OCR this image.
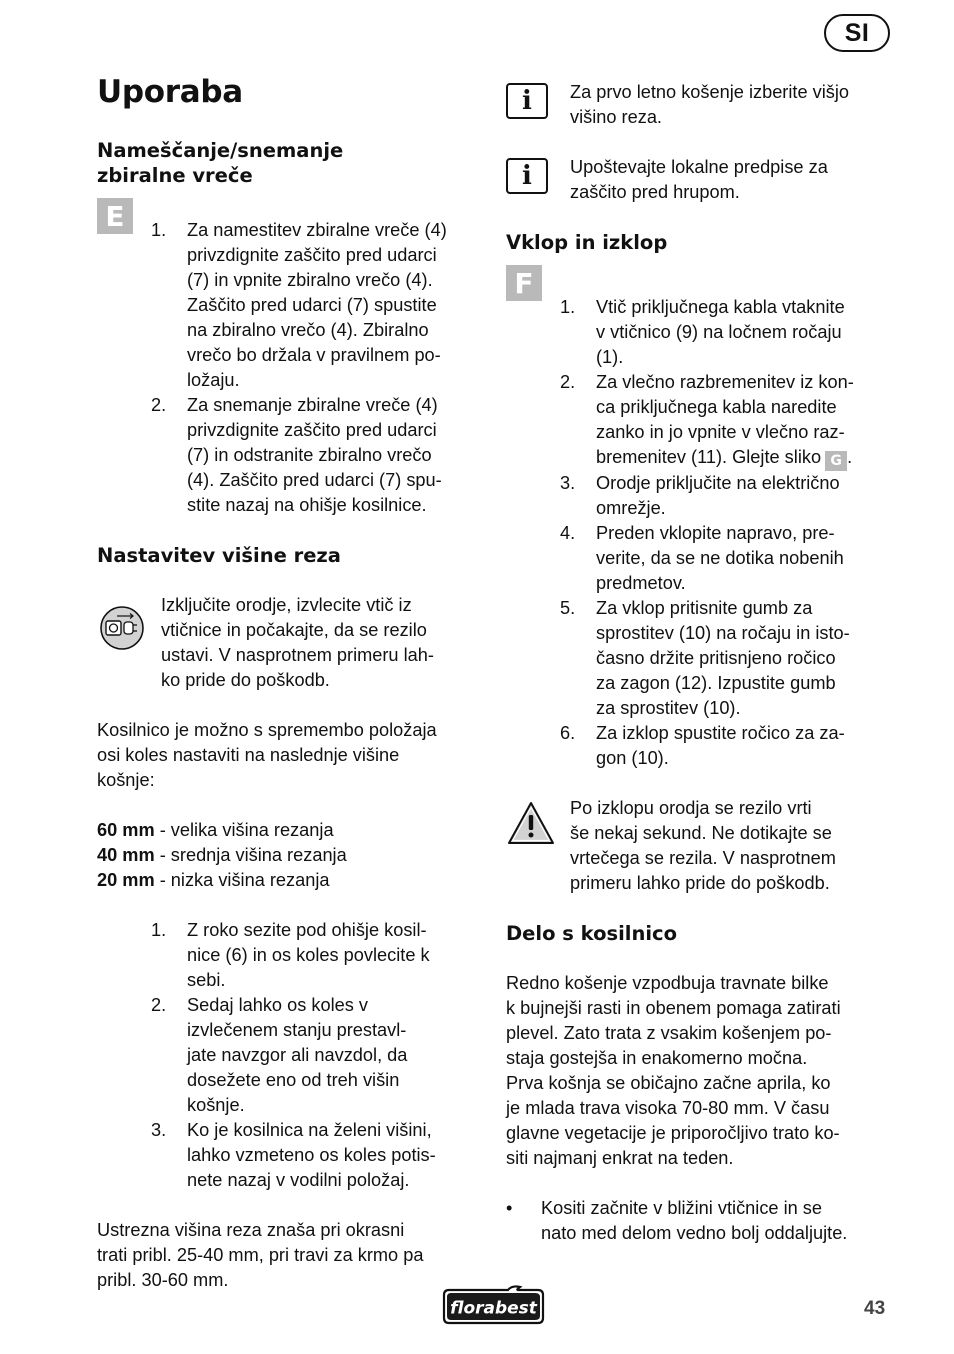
SI
Uporaba
Nameščanje/snemanje
zbiralne vreče
E	1.	Za namestitev zbiralne vreče (4)
privzdignite zaščito pred udarci
(7) in vpnite zbiralno vrečo (4).
Zaščito pred udarci (7) spustite
na zbiralno vrečo (4). Zbiralno
vrečo bo držala v pravilnem po-
ložaju.
2.	Za snemanje zbiralne vreče (4)
privzdignite zaščito pred udarci
(7) in odstranite zbiralno vrečo
(4). Zaščito pred udarci (7) spu-
stite nazaj na ohišje kosilnice.
Nastavitev višine reza
Izključite orodje, izvlecite vtič iz
vtičnice in počakajte, da se rezilo
ustavi. V nasprotnem primeru lah-
ko pride do poškodb.
Kosilnico je možno s spremembo položaja
osi koles nastaviti na naslednje višine
košnje:
60 mm - velika višina rezanja
40 mm - srednja višina rezanja
20 mm - nizka višina rezanja
1.	Z roko sezite pod ohišje kosil-
nice (6) in os koles povlecite k
sebi.
2.	Sedaj lahko os koles v
izvlečenem stanju prestavl-
jate navzgor ali navzdol, da
dosežete eno od treh višin
košnje.
3.	Ko je kosilnica na želeni višini,
lahko vzmeteno os koles potis-
nete nazaj v vodilni položaj.
Ustrezna višina reza znaša pri okrasni
trati pribl. 25-40 mm, pri travi za krmo pa
pribl. 30-60 mm.
i	Za prvo letno košenje izberite višjo
višino reza.
i	Upoštevajte lokalne predpise za
zaščito pred hrupom.
Vklop in izklop
F
1.	Vtič priključnega kabla vtaknite
v vtičnico (9) na ločnem ročaju
(1).
2.	Za vlečno razbremenitev iz kon-
ca priključnega kabla naredite
zanko in jo vpnite v vlečno raz-
bremenitev (11). Glejte sliko G .
3.	Orodje priključite na električno
omrežje.
4.	Preden vklopite napravo, pre-
verite, da se ne dotika nobenih
predmetov.
5.	Za vklop pritisnite gumb za
sprostitev (10) na ročaju in isto-
časno držite pritisnjeno ročico
za zagon (12). Izpustite gumb
za sprostitev (10).
6.	Za izklop spustite ročico za za-
gon (10).
Po izklopu orodja se rezilo vrti
še nekaj sekund. Ne dotikajte se
vrtečega se rezila. V nasprotnem
primeru lahko pride do poškodb.
Delo s kosilnico
Redno košenje vzpodbuja travnate bilke
k bujnejši rasti in obenem pomaga zatirati
plevel. Zato trata z vsakim košenjem po-
staja gostejša in enakomerno močna.
Prva košnja se običajno začne aprila, ko
je mlada trava visoka 70-80 mm. V času
glavne vegetacije je priporočljivo trato ko-
siti najmanj enkrat na teden.
•	Kositi začnite v bližini vtičnice in se
nato med delom vedno bolj oddaljujte.
florabest	43
